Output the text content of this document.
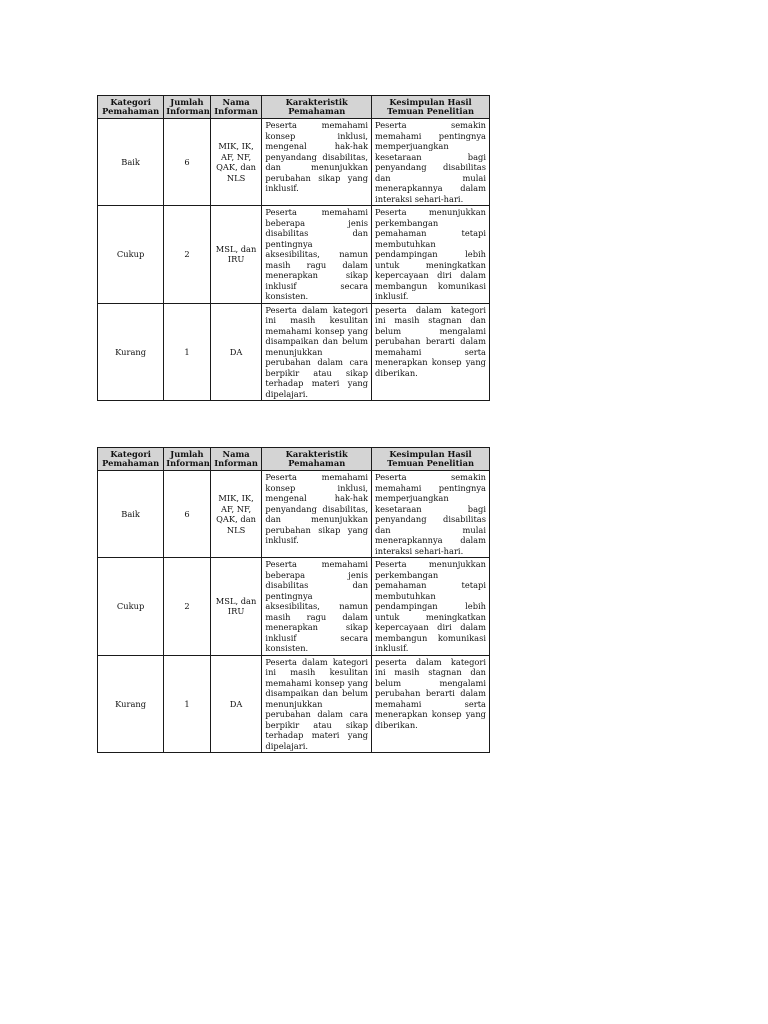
Kategori Pemahaman	Jumlah Informan	Nama Informan	Karakteristik Pemahaman	Kesimpulan Hasil Temuan Penelitian
Baik	6	MIK, IK, AF, NF, QAK, dan NLS	Peserta memahami konsep inklusi, mengenal hak-hak penyandang disabilitas, dan menunjukkan perubahan sikap yang inklusif.	Peserta semakin memahami pentingnya memperjuangkan kesetaraan bagi penyandang disabilitas dan mulai menerapkannya dalam interaksi sehari-hari.
Cukup	2	MSL, dan IRU	Peserta memahami beberapa jenis disabilitas dan pentingnya aksesibilitas, namun masih ragu dalam menerapkan sikap inklusif secara konsisten.	Peserta menunjukkan perkembangan pemahaman tetapi membutuhkan pendampingan lebih untuk meningkatkan kepercayaan diri dalam membangun komunikasi inklusif.
Kurang	1	DA	Peserta dalam kategori ini masih kesulitan memahami konsep yang disampaikan dan belum menunjukkan perubahan dalam cara berpikir atau sikap terhadap materi yang dipelajari.	peserta dalam kategori ini masih stagnan dan belum mengalami perubahan berarti dalam memahami serta menerapkan konsep yang diberikan.
Kategori Pemahaman	Jumlah Informan	Nama Informan	Karakteristik Pemahaman	Kesimpulan Hasil Temuan Penelitian
Baik	6	MIK, IK, AF, NF, QAK, dan NLS	Peserta memahami konsep inklusi, mengenal hak-hak penyandang disabilitas, dan menunjukkan perubahan sikap yang inklusif.	Peserta semakin memahami pentingnya memperjuangkan kesetaraan bagi penyandang disabilitas dan mulai menerapkannya dalam interaksi sehari-hari.
Cukup	2	MSL, dan IRU	Peserta memahami beberapa jenis disabilitas dan pentingnya aksesibilitas, namun masih ragu dalam menerapkan sikap inklusif secara konsisten.	Peserta menunjukkan perkembangan pemahaman tetapi membutuhkan pendampingan lebih untuk meningkatkan kepercayaan diri dalam membangun komunikasi inklusif.
Kurang	1	DA	Peserta dalam kategori ini masih kesulitan memahami konsep yang disampaikan dan belum menunjukkan perubahan dalam cara berpikir atau sikap terhadap materi yang dipelajari.	peserta dalam kategori ini masih stagnan dan belum mengalami perubahan berarti dalam memahami serta menerapkan konsep yang diberikan.
